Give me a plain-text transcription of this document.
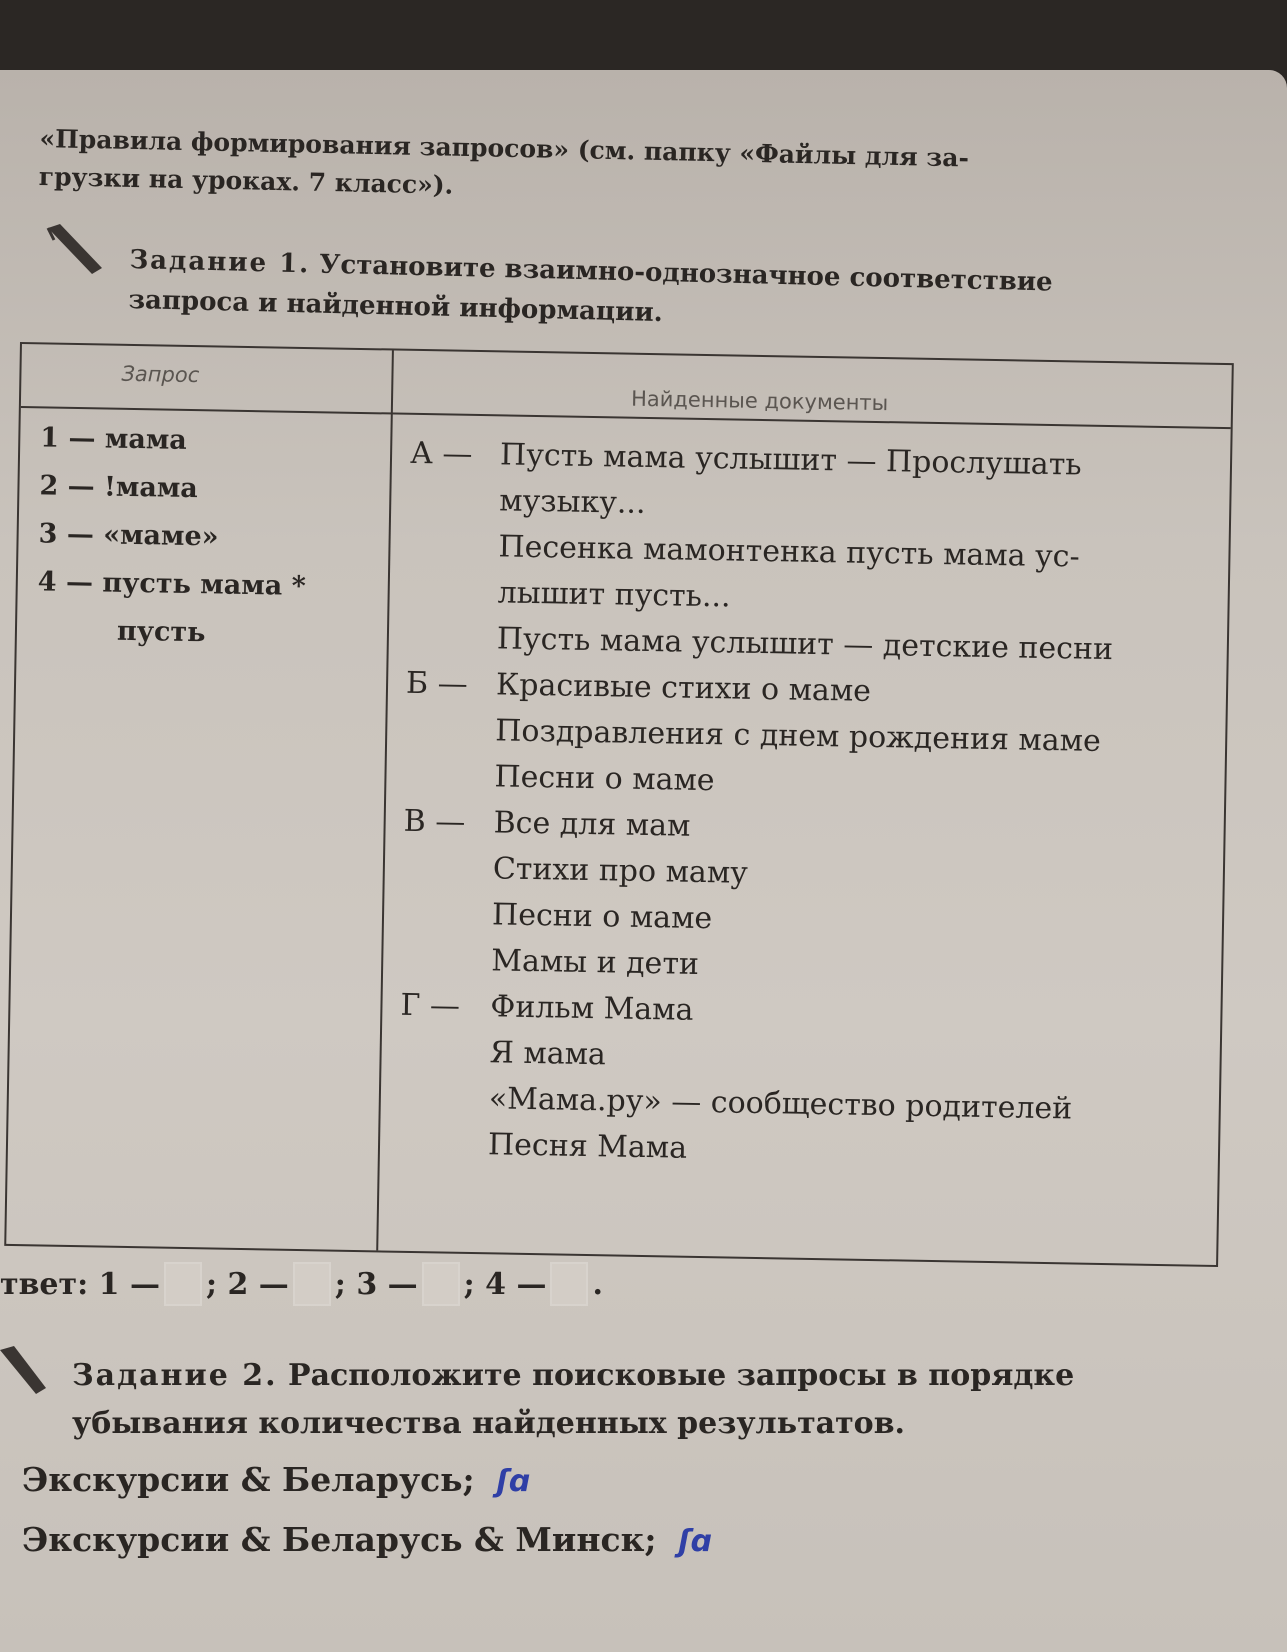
«Правила формирования запросов» (см. папку «Файлы для за-
грузки на уроках. 7 класс»).
Задание 1. Установите взаимно-однозначное соответствие
запроса и найденной информации.
Запрос
Найденные документы
1 — мама
2 — !мама
3 — «маме»
4 — пусть мама *
пусть
А — Пусть мама услышит — Прослушать
музыку...
Песенка мамонтенка пусть мама ус-
лышит пусть...
Пусть мама услышит — детские песни
Б — Красивые стихи о маме
Поздравления с днем рождения маме
Песни о маме
В — Все для мам
Стихи про маму
Песни о маме
Мамы и дети
Г — Фильм Мама
Я мама
«Мама.ру» — сообщество родителей
Песня Мама
твет: 1 — ; 2 — ; 3 — ; 4 — .
Задание 2. Расположите поисковые запросы в порядке
убывания количества найденных результатов.
Экскурсии & Беларусь; ʃɑ
Экскурсии & Беларусь & Минск; ʃɑ
